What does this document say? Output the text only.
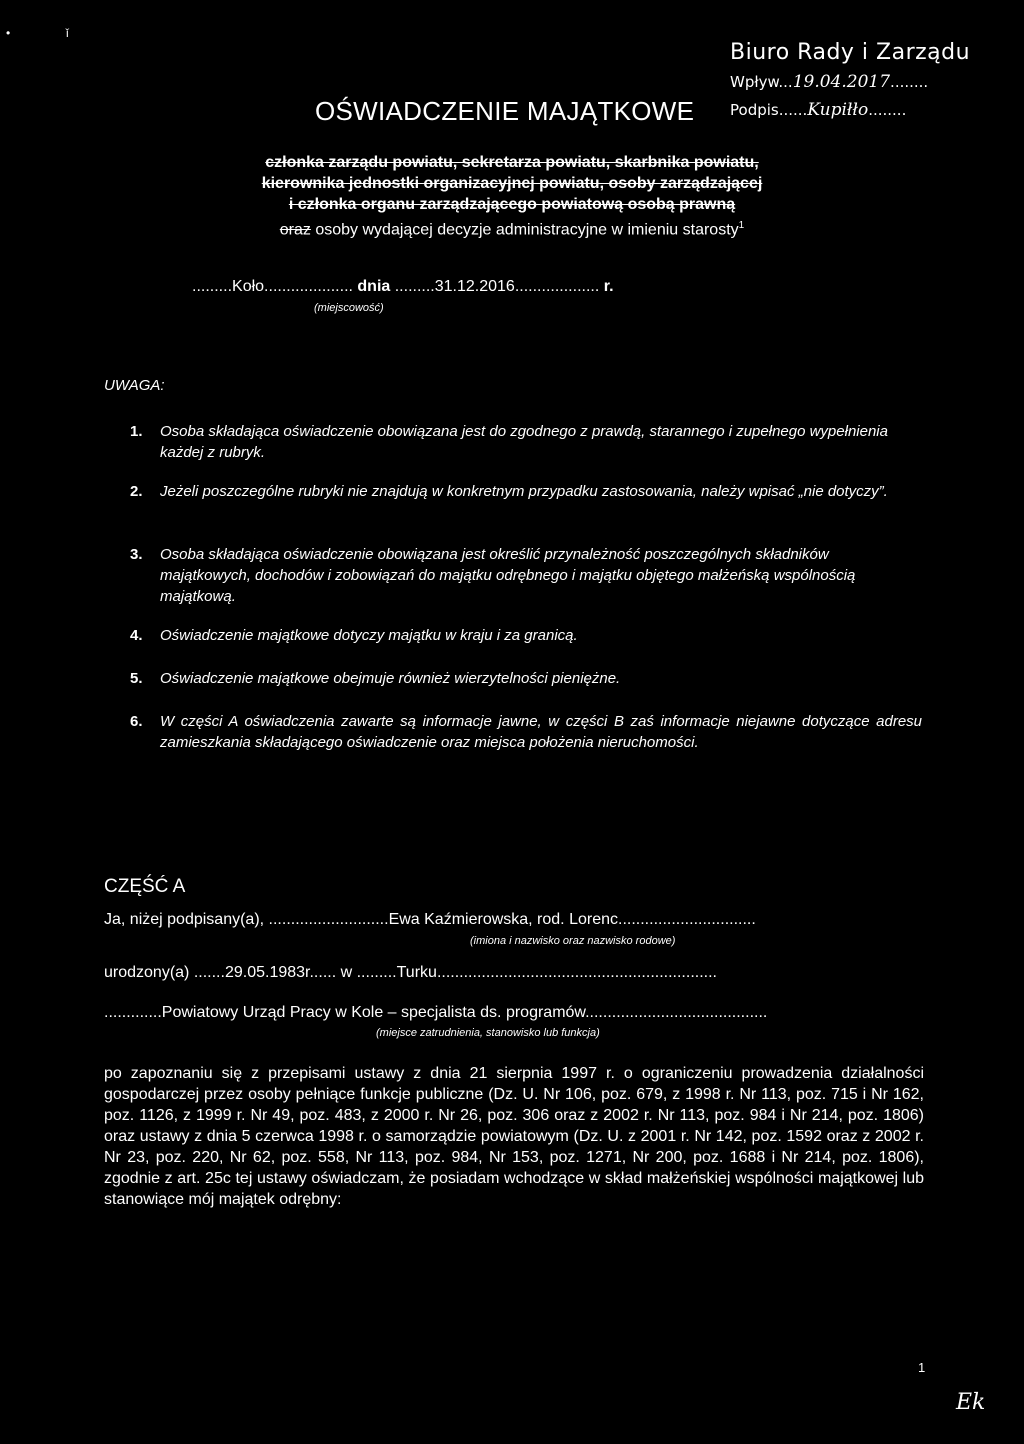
•	ǐ
Biuro Rady i Zarządu
Wpływ...19.04.2017........
Podpis......Kupiłło........
OŚWIADCZENIE MAJĄTKOWE
członka zarządu powiatu, sekretarza powiatu, skarbnika powiatu,
kierownika jednostki organizacyjnej powiatu, osoby zarządzającej
i członka organu zarządzającego powiatową osobą prawną
oraz osoby wydającej decyzje administracyjne w imieniu starosty$^1$
.........Koło.................... dnia .........31.12.2016................... r.
(miejscowość)
UWAGA:
1. Osoba składająca oświadczenie obowiązana jest do zgodnego z prawdą, starannego i zupełnego wypełnienia każdej z rubryk.
2. Jeżeli poszczególne rubryki nie znajdują w konkretnym przypadku zastosowania, należy wpisać „nie dotyczy”.
3. Osoba składająca oświadczenie obowiązana jest określić przynależność poszczególnych składników majątkowych, dochodów i zobowiązań do majątku odrębnego i majątku objętego małżeńską wspólnością majątkową.
4. Oświadczenie majątkowe dotyczy majątku w kraju i za granicą.
5. Oświadczenie majątkowe obejmuje również wierzytelności pieniężne.
6. W części A oświadczenia zawarte są informacje jawne, w części B zaś informacje niejawne dotyczące adresu zamieszkania składającego oświadczenie oraz miejsca położenia nieruchomości.
CZĘŚĆ A
Ja, niżej podpisany(a), ...........................Ewa Kaźmierowska, rod. Lorenc...............................
(imiona i nazwisko oraz nazwisko rodowe)
urodzony(a) .......29.05.1983r...... w .........Turku...............................................................
.............Powiatowy Urząd Pracy w Kole – specjalista ds. programów.........................................
(miejsce zatrudnienia, stanowisko lub funkcja)
po zapoznaniu się z przepisami ustawy z dnia 21 sierpnia 1997 r. o ograniczeniu prowadzenia działalności gospodarczej przez osoby pełniące funkcje publiczne (Dz. U. Nr 106, poz. 679, z 1998 r. Nr 113, poz. 715 i Nr 162, poz. 1126, z 1999 r. Nr 49, poz. 483, z 2000 r. Nr 26, poz. 306 oraz z 2002 r. Nr 113, poz. 984 i Nr 214, poz. 1806) oraz ustawy z dnia 5 czerwca 1998 r. o samorządzie powiatowym (Dz. U. z 2001 r. Nr 142, poz. 1592 oraz z 2002 r. Nr 23, poz. 220, Nr 62, poz. 558, Nr 113, poz. 984, Nr 153, poz. 1271, Nr 200, poz. 1688 i Nr 214, poz. 1806), zgodnie z art. 25c tej ustawy oświadczam, że posiadam wchodzące w skład małżeńskiej wspólności majątkowej lub stanowiące mój majątek odrębny:
1
Ek
